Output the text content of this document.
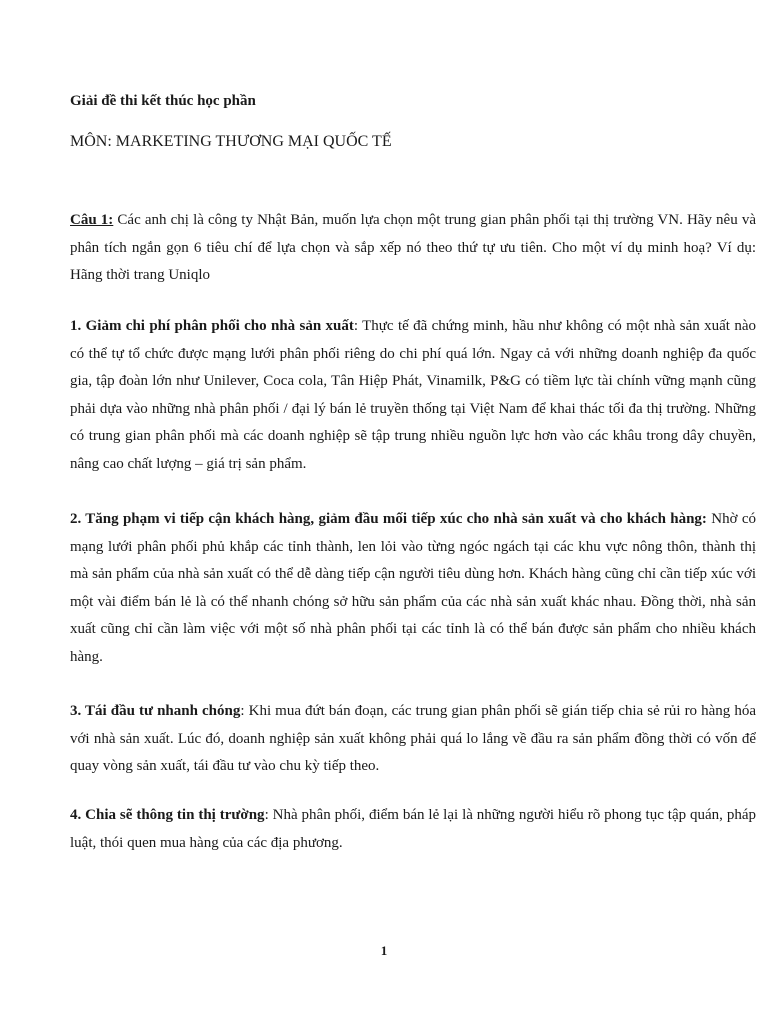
Giải đề thi kết thúc học phần

MÔN: MARKETING THƯƠNG MẠI QUỐC TẾ

Câu 1: Các anh chị là công ty Nhật Bản, muốn lựa chọn một trung gian phân phối tại thị trường VN. Hãy nêu và phân tích ngắn gọn 6 tiêu chí để lựa chọn và sắp xếp nó theo thứ tự ưu tiên. Cho một ví dụ minh hoạ? Ví dụ: Hãng thời trang Uniqlo

1. Giảm chi phí phân phối cho nhà sản xuất: Thực tế đã chứng minh, hầu như không có một nhà sản xuất nào có thể tự tổ chức được mạng lưới phân phối riêng do chi phí quá lớn. Ngay cả với những doanh nghiệp đa quốc gia, tập đoàn lớn như Unilever, Coca cola, Tân Hiệp Phát, Vinamilk, P&G có tiềm lực tài chính vững mạnh cũng phải dựa vào những nhà phân phối / đại lý bán lẻ truyền thống tại Việt Nam để khai thác tối đa thị trường. Những có trung gian phân phối mà các doanh nghiệp sẽ tập trung nhiều nguồn lực hơn vào các khâu trong dây chuyền, nâng cao chất lượng – giá trị sản phẩm.

2. Tăng phạm vi tiếp cận khách hàng, giảm đầu mối tiếp xúc cho nhà sản xuất và cho khách hàng: Nhờ có mạng lưới phân phối phủ khắp các tỉnh thành, len lỏi vào từng ngóc ngách tại các khu vực nông thôn, thành thị mà sản phẩm của nhà sản xuất có thể dễ dàng tiếp cận người tiêu dùng hơn. Khách hàng cũng chỉ cần tiếp xúc với một vài điểm bán lẻ là có thể nhanh chóng sở hữu sản phẩm của các nhà sản xuất khác nhau. Đồng thời, nhà sản xuất cũng chỉ cần làm việc với một số nhà phân phối tại các tỉnh là có thể bán được sản phẩm cho nhiều khách hàng.

3. Tái đầu tư nhanh chóng: Khi mua đứt bán đoạn, các trung gian phân phối sẽ gián tiếp chia sẻ rủi ro hàng hóa với nhà sản xuất. Lúc đó, doanh nghiệp sản xuất không phải quá lo lắng về đầu ra sản phẩm đồng thời có vốn để quay vòng sản xuất, tái đầu tư vào chu kỳ tiếp theo.

4. Chia sẽ thông tin thị trường: Nhà phân phối, điểm bán lẻ lại là những người hiểu rõ phong tục tập quán, pháp luật, thói quen mua hàng của các địa phương.

1
